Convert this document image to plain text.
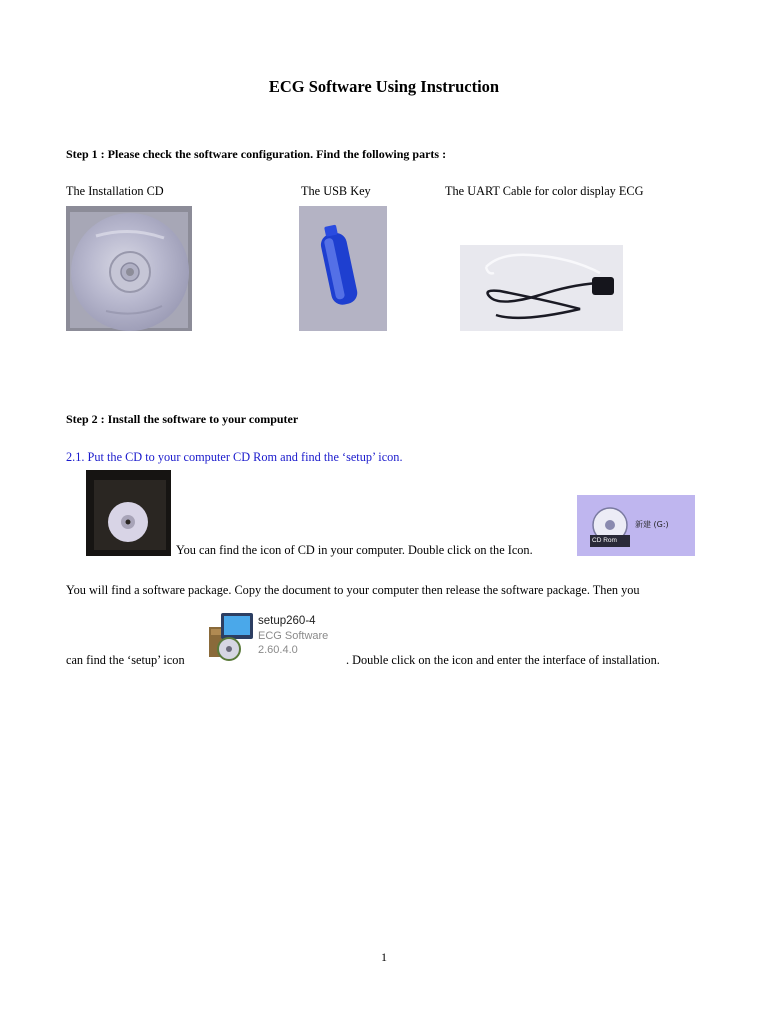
ECG Software Using Instruction
Step 1 : Please check the software configuration. Find the following parts :
The Installation CD	The USB Key	The UART Cable for color display ECG
Step 2 : Install the software to your computer
2.1. Put the CD to your computer CD Rom and find the ‘setup’ icon.
You can find the icon of CD in your computer. Double click on the Icon.
CD Rom
新建 (G:)
You will find a software package. Copy the document to your computer then release the software package. Then you
can find the ‘setup’ icon
setup260-4
ECG Software
2.60.4.0
. Double click on the icon and enter the interface of installation.
1
